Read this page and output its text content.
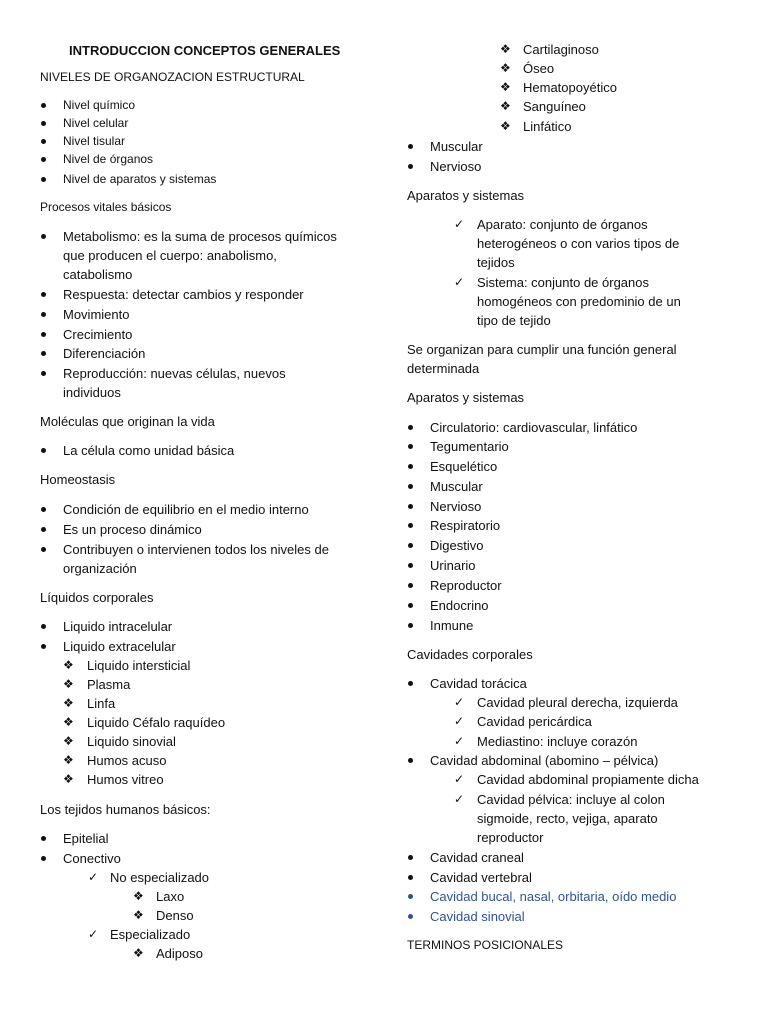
INTRODUCCION CONCEPTOS GENERALES
NIVELES DE ORGANOZACION ESTRUCTURAL
Nivel químico
Nivel celular
Nivel tisular
Nivel de órganos
Nivel de aparatos y sistemas
Procesos vitales básicos
Metabolismo: es la suma de procesos químicos
que producen el cuerpo: anabolismo,
catabolismo
Respuesta: detectar cambios y responder
Movimiento
Crecimiento
Diferenciación
Reproducción: nuevas células, nuevos
individuos
Moléculas que originan la vida
La célula como unidad básica
Homeostasis
Condición de equilibrio en el medio interno
Es un proceso dinámico
Contribuyen o intervienen todos los niveles de
organización
Líquidos corporales
Liquido intracelular
Liquido extracelular
❖	Liquido intersticial
❖	Plasma
❖	Linfa
❖	Liquido Céfalo raquídeo
❖	Liquido sinovial
❖	Humos acuso
❖	Humos vitreo
Los tejidos humanos básicos:
Epitelial
Conectivo
✓ No especializado
❖ Laxo
❖ Denso
✓ Especializado
❖ Adiposo
❖ Cartilaginoso
❖ Óseo
❖ Hematopoyético
❖ Sanguíneo
❖ Linfático
Muscular
Nervioso
Aparatos y sistemas
✓ Aparato: conjunto de órganos
heterogéneos o con varios tipos de
tejidos
✓ Sistema: conjunto de órganos
homogéneos con predominio de un
tipo de tejido
Se organizan para cumplir una función general
determinada
Aparatos y sistemas
Circulatorio: cardiovascular, linfático
Tegumentario
Esquelético
Muscular
Nervioso
Respiratorio
Digestivo
Urinario
Reproductor
Endocrino
Inmune
Cavidades corporales
Cavidad torácica
✓ Cavidad pleural derecha, izquierda
✓ Cavidad pericárdica
✓ Mediastino: incluye corazón
Cavidad abdominal (abomino – pélvica)
✓ Cavidad abdominal propiamente dicha
✓ Cavidad pélvica: incluye al colon
sigmoide, recto, vejiga, aparato
reproductor
Cavidad craneal
Cavidad vertebral
Cavidad bucal, nasal, orbitaria, oído medio
Cavidad sinovial
TERMINOS POSICIONALES
